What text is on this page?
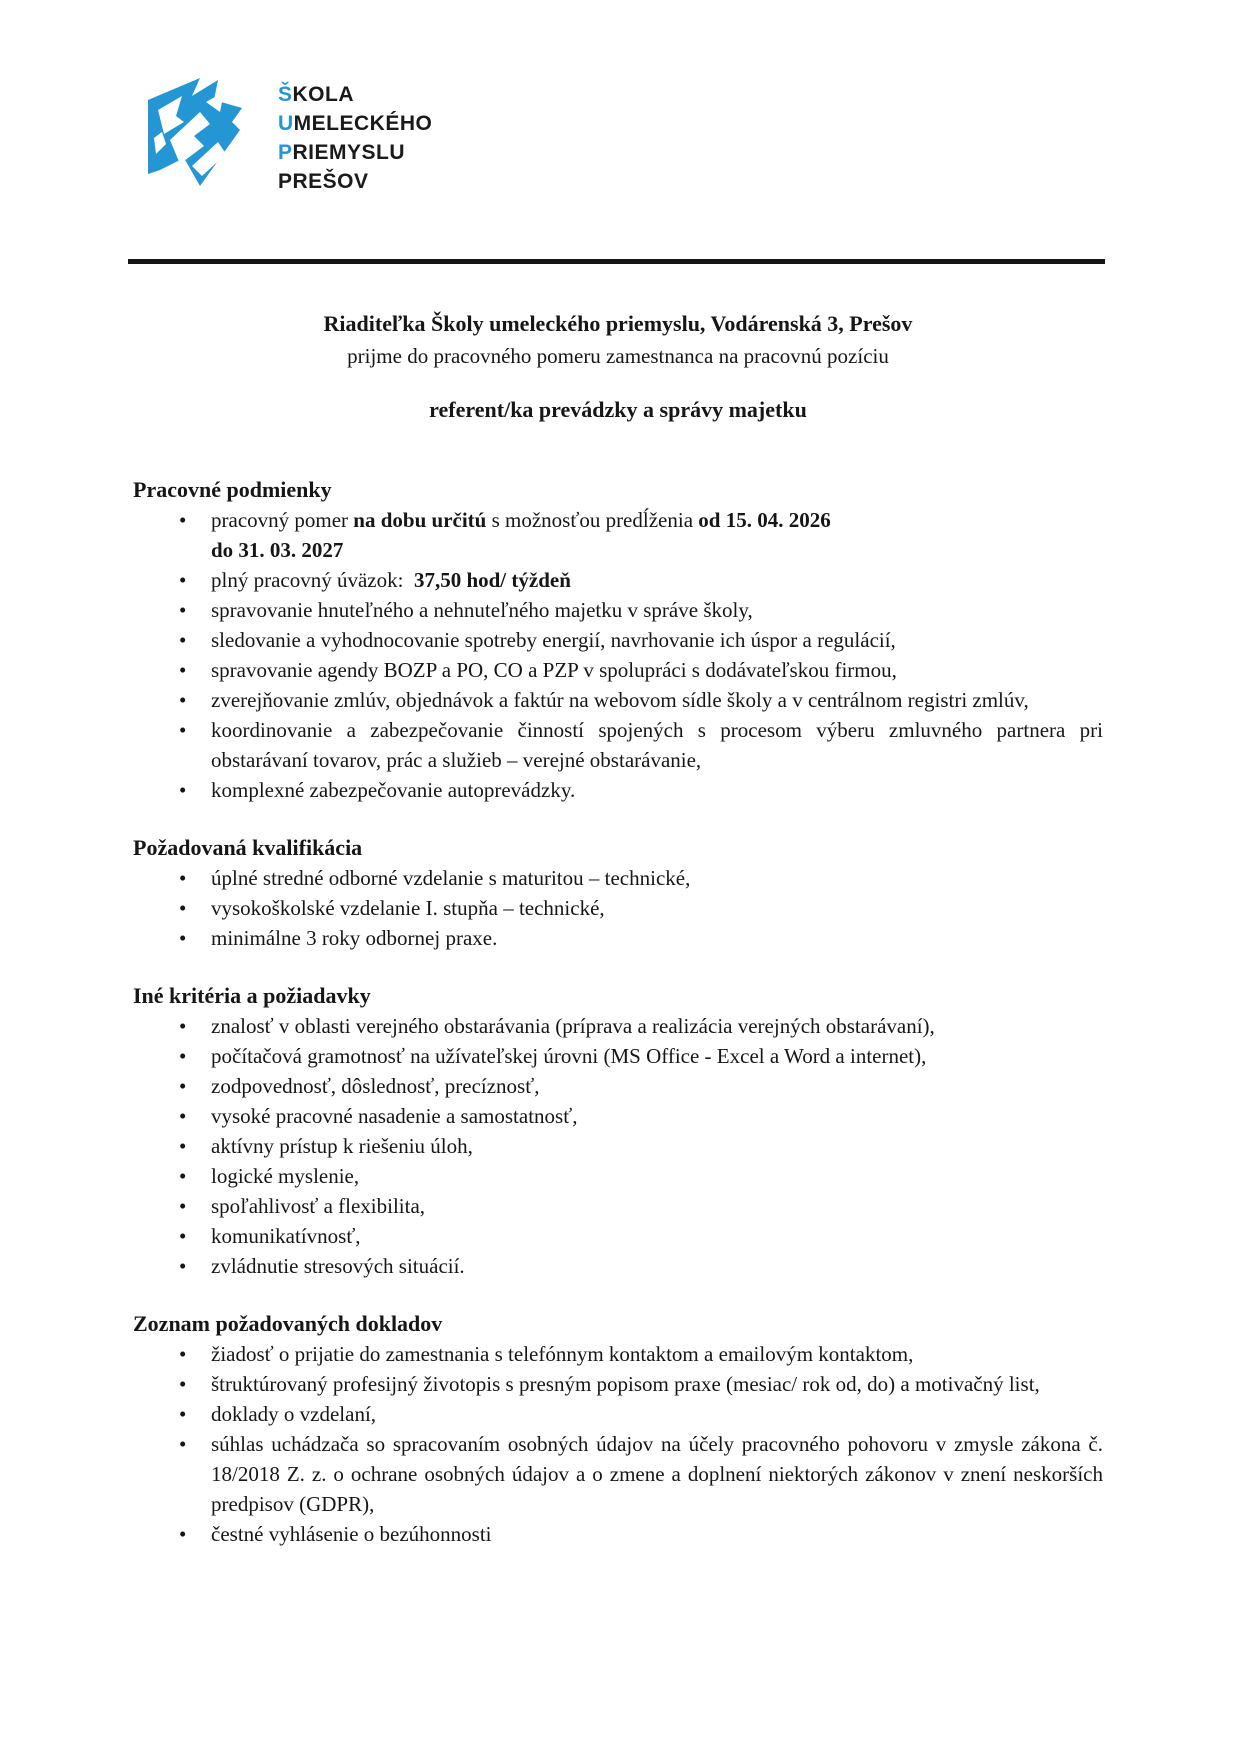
ŠKOLA
UMELECKÉHO
PRIEMYSLU
PREŠOV
Riaditeľka Školy umeleckého priemyslu, Vodárenská 3, Prešov
prijme do pracovného pomeru zamestnanca na pracovnú pozíciu
referent/ka prevádzky a správy majetku
Pracovné podmienky
• pracovný pomer na dobu určitú s možnosťou predĺženia od 15. 04. 2026
do 31. 03. 2027
• plný pracovný úväzok:  37,50 hod/ týždeň
• spravovanie hnuteľného a nehnuteľného majetku v správe školy,
• sledovanie a vyhodnocovanie spotreby energií, navrhovanie ich úspor a regulácií,
• spravovanie agendy BOZP a PO, CO a PZP v spolupráci s dodávateľskou firmou,
• zverejňovanie zmlúv, objednávok a faktúr na webovom sídle školy a v centrálnom registri zmlúv,
• koordinovanie a zabezpečovanie činností spojených s procesom výberu zmluvného partnera pri obstarávaní tovarov, prác a služieb – verejné obstarávanie,
• komplexné zabezpečovanie autoprevádzky.
Požadovaná kvalifikácia
• úplné stredné odborné vzdelanie s maturitou – technické,
• vysokoškolské vzdelanie I. stupňa – technické,
• minimálne 3 roky odbornej praxe.
Iné kritéria a požiadavky
• znalosť v oblasti verejného obstarávania (príprava a realizácia verejných obstarávaní),
• počítačová gramotnosť na užívateľskej úrovni (MS Office - Excel a Word a internet),
• zodpovednosť, dôslednosť, precíznosť,
• vysoké pracovné nasadenie a samostatnosť,
• aktívny prístup k riešeniu úloh,
• logické myslenie,
• spoľahlivosť a flexibilita,
• komunikatívnosť,
• zvládnutie stresových situácií.
Zoznam požadovaných dokladov
• žiadosť o prijatie do zamestnania s telefónnym kontaktom a emailovým kontaktom,
• štruktúrovaný profesijný životopis s presným popisom praxe (mesiac/ rok od, do) a motivačný list,
• doklady o vzdelaní,
• súhlas uchádzača so spracovaním osobných údajov na účely pracovného pohovoru v zmysle zákona č. 18/2018 Z. z. o ochrane osobných údajov a o zmene a doplnení niektorých zákonov v znení neskorších predpisov (GDPR),
• čestné vyhlásenie o bezúhonnosti
